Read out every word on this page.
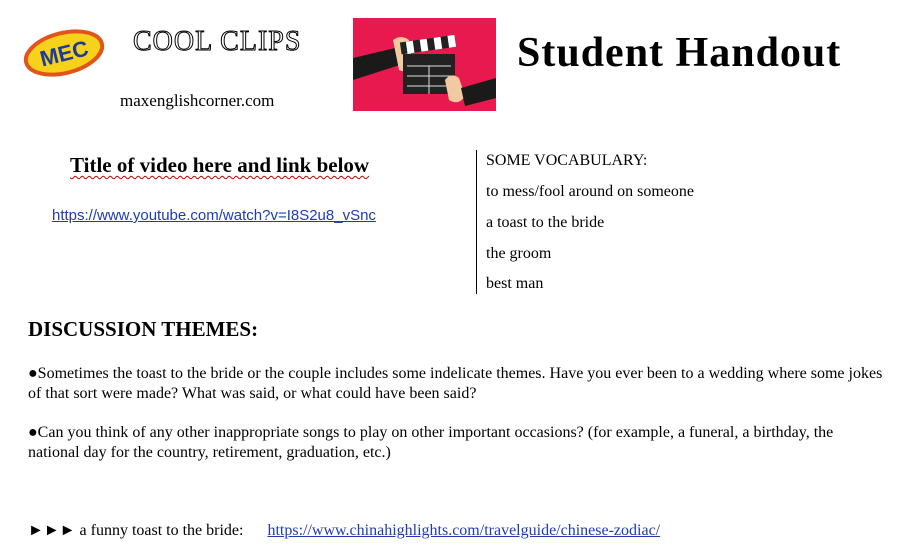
MEC COOL CLIPS
maxenglishcorner.com
Student Handout
Title of video here and link below
https://www.youtube.com/watch?v=I8S2u8_vSnc
SOME VOCABULARY:
to mess/fool around on someone
a toast to the bride
the groom
best man
DISCUSSION THEMES:
●Sometimes the toast to the bride or the couple includes some indelicate themes. Have you ever been to a wedding where some jokes of that sort were made? What was said, or what could have been said?
●Can you think of any other inappropriate songs to play on other important occasions? (for example, a funeral, a birthday, the national day for the country, retirement, graduation, etc.)
►►► a funny toast to the bride: https://www.chinahighlights.com/travelguide/chinese-zodiac/
